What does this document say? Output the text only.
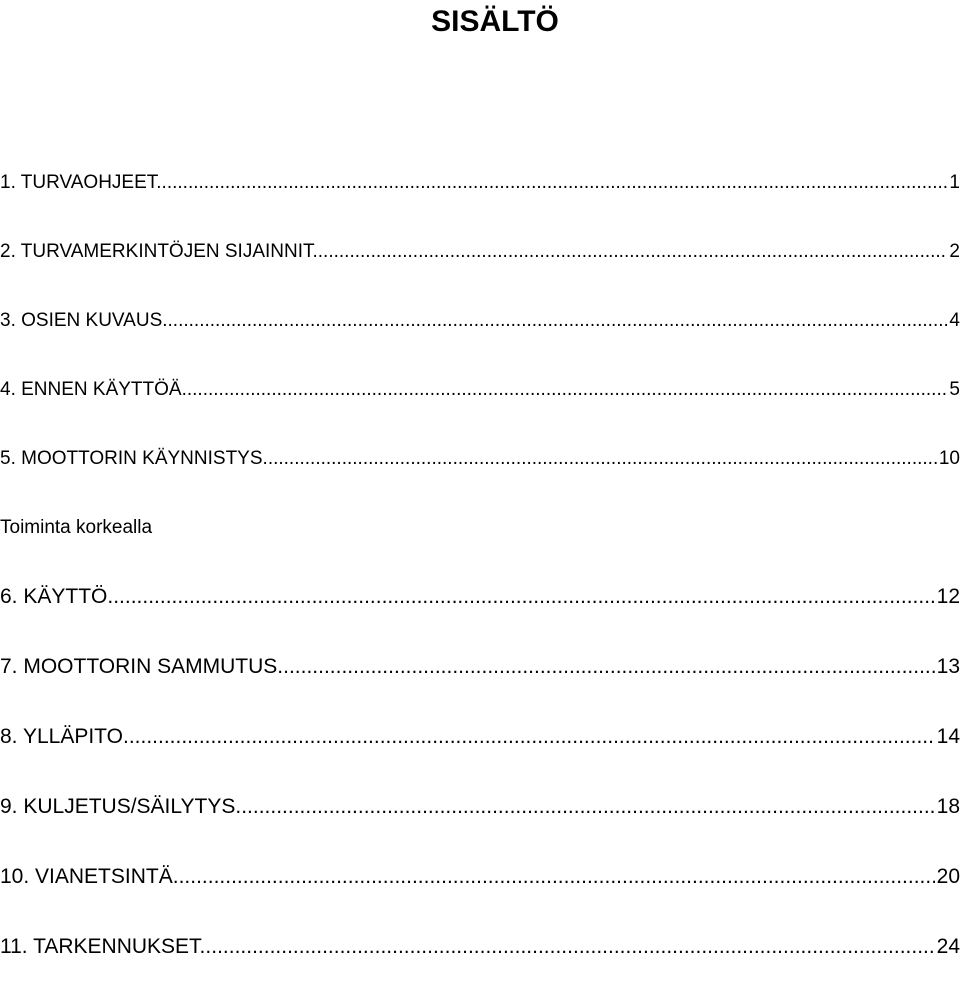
SISÄLTÖ
1. TURVAOHJEET. .....	1
2. TURVAMERKINTÖJEN SIJAINNIT. .....	2
3. OSIEN KUVAUS. .....	4
4. ENNEN KÄYTTÖÄ. .....	5
5. MOOTTORIN KÄYNNISTYS. .....	10
Toiminta korkealla
6. KÄYTTÖ. .....	12
7. MOOTTORIN SAMMUTUS. .....	13
8. YLLÄPITO. .....	14
9. KULJETUS/SÄILYTYS. .....	18
10. VIANETSINTÄ. .....	20
11. TARKENNUKSET. .....	24
